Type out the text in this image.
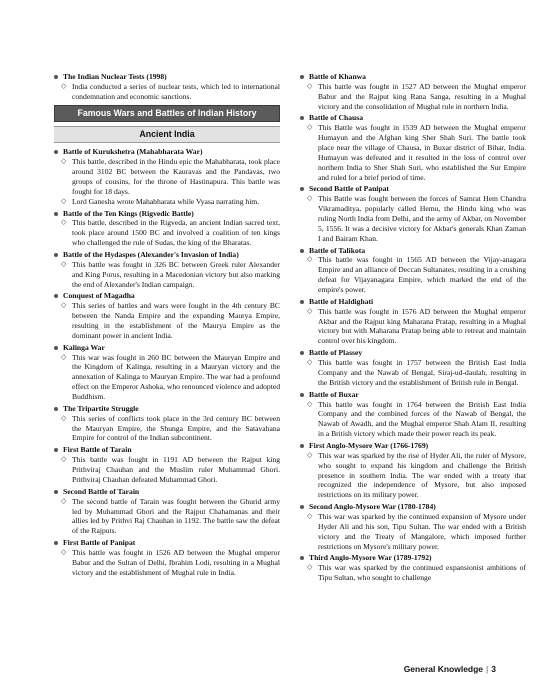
The Indian Nuclear Tests (1998)
◇ India conducted a series of nuclear tests, which led to international condemnation and economic sanctions.
Famous Wars and Battles of Indian History
Ancient India
Battle of Kurukshetra (Mahabharata War)
◇ This battle, described in the Hindu epic the Mahabharata, took place around 3102 BC between the Kauravas and the Pandavas, two groups of cousins, for the throne of Hastinapura. This battle was fought for 18 days.
◇ Lord Ganesha wrote Mahabharata while Vyasa narrating him.
Battle of the Ten Kings (Rigvedic Battle)
◇ This battle, described in the Rigveda, an ancient Indian sacred text, took place around 1500 BC and involved a coalition of ten kings who challenged the rule of Sudas, the king of the Bharatas.
Battle of the Hydaspes (Alexander's Invasion of India)
◇ This battle was fought in 326 BC between Greek ruler Alexander and King Porus, resulting in a Macedonian victory but also marking the end of Alexander's Indian campaign.
Conquest of Magadha
◇ This series of battles and wars were fought in the 4th century BC between the Nanda Empire and the expanding Maurya Empire, resulting in the establishment of the Maurya Empire as the dominant power in ancient India.
Kalinga War
◇ This war was fought in 260 BC between the Mauryan Empire and the Kingdom of Kalinga, resulting in a Mauryan victory and the annexation of Kalinga to Mauryan Empire. The war had a profound effect on the Emperor Ashoka, who renounced violence and adopted Buddhism.
The Tripartite Struggle
◇ This series of conflicts took place in the 3rd century BC between the Mauryan Empire, the Shunga Empire, and the Satavahana Empire for control of the Indian subcontinent.
First Battle of Tarain
◇ This battle was fought in 1191 AD between the Rajput king Prithviraj Chauhan and the Muslim ruler Muhammad Ghori. Prithviraj Chauhan defeated Muhammad Ghori.
Second Battle of Tarain
◇ The second battle of Tarain was fought between the Ghurid army led by Muhammad Ghori and the Rajput Chahamanas and their allies led by Prithvi Raj Chauhan in 1192. The battle saw the defeat of the Rajputs.
First Battle of Panipat
◇ This battle was fought in 1526 AD between the Mughal emperor Babur and the Sultan of Delhi, Ibrahim Lodi, resulting in a Mughal victory and the establishment of Mughal rule in India.
Battle of Khanwa
◇ This battle was fought in 1527 AD between the Mughal emperor Babur and the Rajput king Rana Sanga, resulting in a Mughal victory and the consolidation of Mughal rule in northern India.
Battle of Chausa
◇ This Battle was fought in 1539 AD between the Mughal emperor Humayun and the Afghan king Sher Shah Suri. The battle took place near the village of Chausa, in Buxar district of Bihar, India. Humayun was defeated and it resulted in the loss of control over northern India to Sher Shah Suri, who established the Sur Empire and ruled for a brief period of time.
Second Battle of Panipat
◇ This Battle was fought between the forces of Samrat Hem Chandra Vikramaditya, popularly called Hemu, the Hindu king who was ruling North India from Delhi, and the army of Akbar, on November 5, 1556. It was a decisive victory for Akbar's generals Khan Zaman I and Bairam Khan.
Battle of Talikota
◇ This battle was fought in 1565 AD between the Vijay-anagara Empire and an alliance of Deccan Sultanates, resulting in a crushing defeat for Vijayanagara Empire, which marked the end of the empire's power.
Battle of Haldighati
◇ This battle was fought in 1576 AD between the Mughal emperor Akbar and the Rajput king Maharana Pratap, resulting in a Mughal victory but with Maharana Pratap being able to retreat and maintain control over his kingdom.
Battle of Plassey
◇ This battle was fought in 1757 between the British East India Company and the Nawab of Bengal, Siraj-ud-daulah, resulting in the British victory and the establishment of British rule in Bengal.
Battle of Buxar
◇ This battle was fought in 1764 between the British East India Company and the combined forces of the Nawab of Bengal, the Nawab of Awadh, and the Mughal emperor Shah Alam II, resulting in a British victory which made their power reach its peak.
First Anglo-Mysore War (1766-1769)
◇ This war was sparked by the rise of Hyder Ali, the ruler of Mysore, who sought to expand his kingdom and challenge the British presence in southern India. The war ended with a treaty that recognized the independence of Mysore, but also imposed restrictions on its military power.
Second Anglo-Mysore War (1780-1784)
◇ This war was sparked by the continued expansion of Mysore under Hyder Ali and his son, Tipu Sultan. The war ended with a British victory and the Treaty of Mangalore, which imposed further restrictions on Mysore's military power.
Third Anglo-Mysore War (1789-1792)
◇ This war was sparked by the continued expansionist ambitions of Tipu Sultan, who sought to challenge
General Knowledge | 3
